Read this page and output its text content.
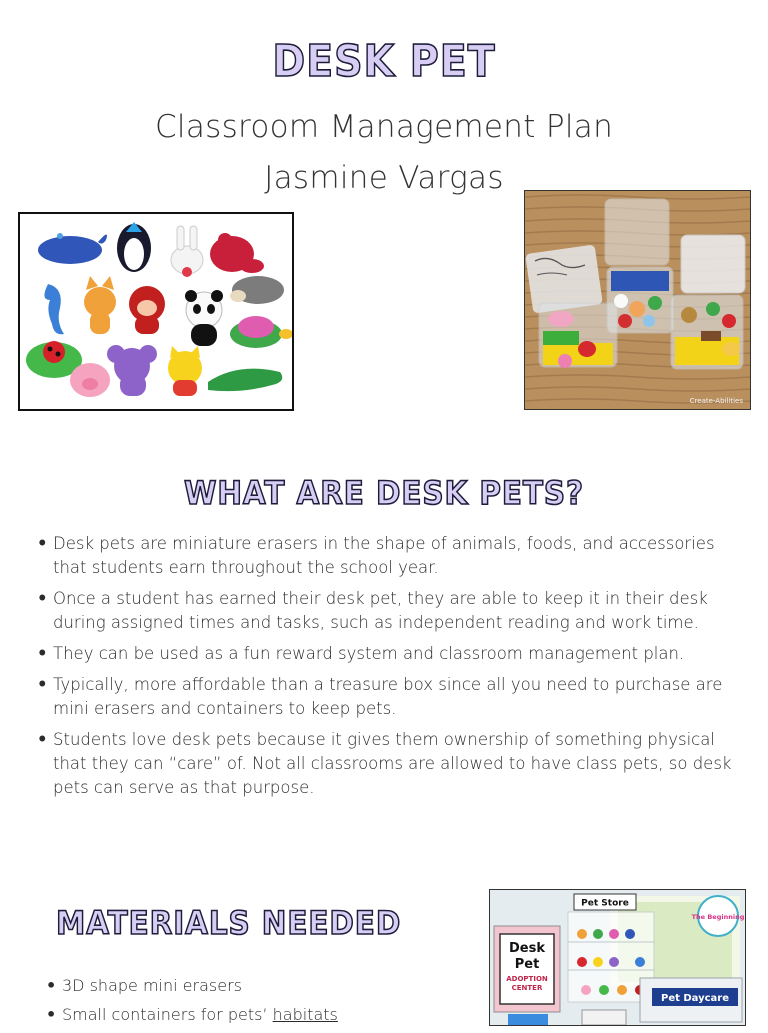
DESK PET

Classroom Management Plan

Jasmine Vargas

Create-Abilities
WHAT ARE DESK PETS?
• Desk pets are miniature erasers in the shape of animals, foods, and accessories that students earn throughout the school year.
• Once a student has earned their desk pet, they are able to keep it in their desk during assigned times and tasks, such as independent reading and work time.
• They can be used as a fun reward system and classroom management plan.
• Typically, more affordable than a treasure box since all you need to purchase are mini erasers and containers to keep pets.
• Students love desk pets because it gives them ownership of something physical that they can “care” of. Not all classrooms are allowed to have class pets, so desk pets can serve as that purpose.
MATERIALS NEEDED
• 3D shape mini erasers
• Small containers for pets’ habitats
Desk
Pet
ADOPTION
CENTER
Pet Store
The Beginning
Pet Daycare
